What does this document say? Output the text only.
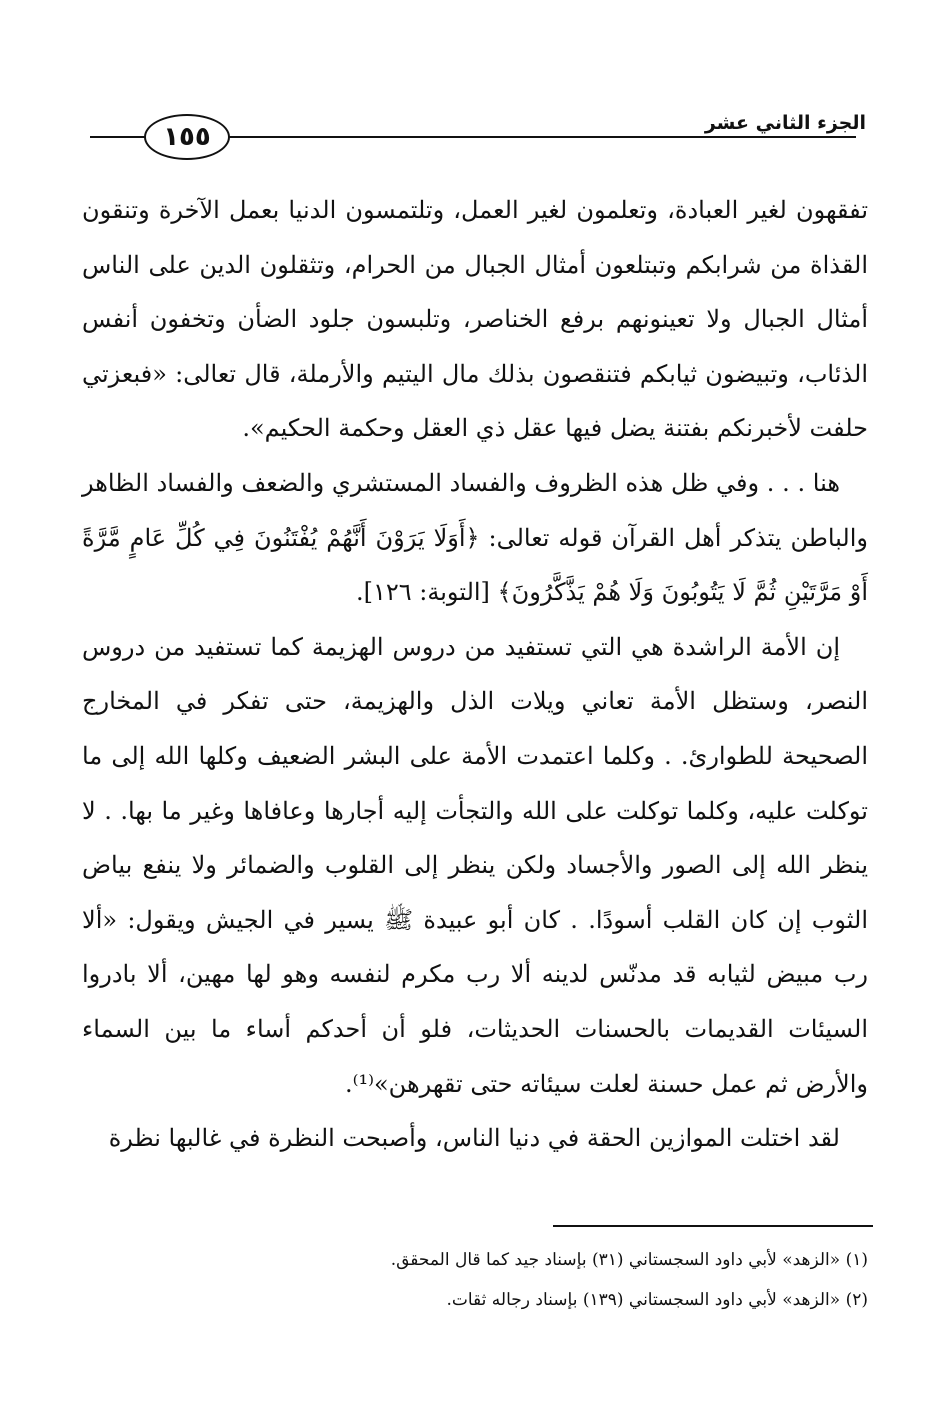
١٥٥	الجزء الثاني عشر

تفقهون لغير العبادة، وتعلمون لغير العمل، وتلتمسون الدنيا بعمل الآخرة وتنقون القذاة من شرابكم وتبتلعون أمثال الجبال من الحرام، وتثقلون الدين على الناس أمثال الجبال ولا تعينونهم برفع الخناصر، وتلبسون جلود الضأن وتخفون أنفس الذئاب، وتبيضون ثيابكم فتنقصون بذلك مال اليتيم والأرملة، قال تعالى: «فبعزتي حلفت لأخبرنكم بفتنة يضل فيها عقل ذي العقل وحكمة الحكيم».

هنا . . . وفي ظل هذه الظروف والفساد المستشري والضعف والفساد الظاهر والباطن يتذكر أهل القرآن قوله تعالى: ﴿أَوَلَا يَرَوْنَ أَنَّهُمْ يُفْتَنُونَ فِي كُلِّ عَامٍ مَّرَّةً أَوْ مَرَّتَيْنِ ثُمَّ لَا يَتُوبُونَ وَلَا هُمْ يَذَّكَّرُونَ﴾ [التوبة: ١٢٦].

إن الأمة الراشدة هي التي تستفيد من دروس الهزيمة كما تستفيد من دروس النصر، وستظل الأمة تعاني ويلات الذل والهزيمة، حتى تفكر في المخارج الصحيحة للطوارئ. . وكلما اعتمدت الأمة على البشر الضعيف وكلها الله إلى ما توكلت عليه، وكلما توكلت على الله والتجأت إليه أجارها وعافاها وغير ما بها. . لا ينظر الله إلى الصور والأجساد ولكن ينظر إلى القلوب والضمائر ولا ينفع بياض الثوب إن كان القلب أسودًا. . كان أبو عبيدة ﷺ يسير في الجيش ويقول: «ألا رب مبيض لثيابه قد مدنّس لدينه ألا رب مكرم لنفسه وهو لها مهين، ألا بادروا السيئات القديمات بالحسنات الحديثات، فلو أن أحدكم أساء ما بين السماء والأرض ثم عمل حسنة لعلت سيئاته حتى تقهرهن»⁽¹⁾.

لقد اختلت الموازين الحقة في دنيا الناس، وأصبحت النظرة في غالبها نظرة

(١) «الزهد» لأبي داود السجستاني (٣١) بإسناد جيد كما قال المحقق.

(٢) «الزهد» لأبي داود السجستاني (١٣٩) بإسناد رجاله ثقات.
